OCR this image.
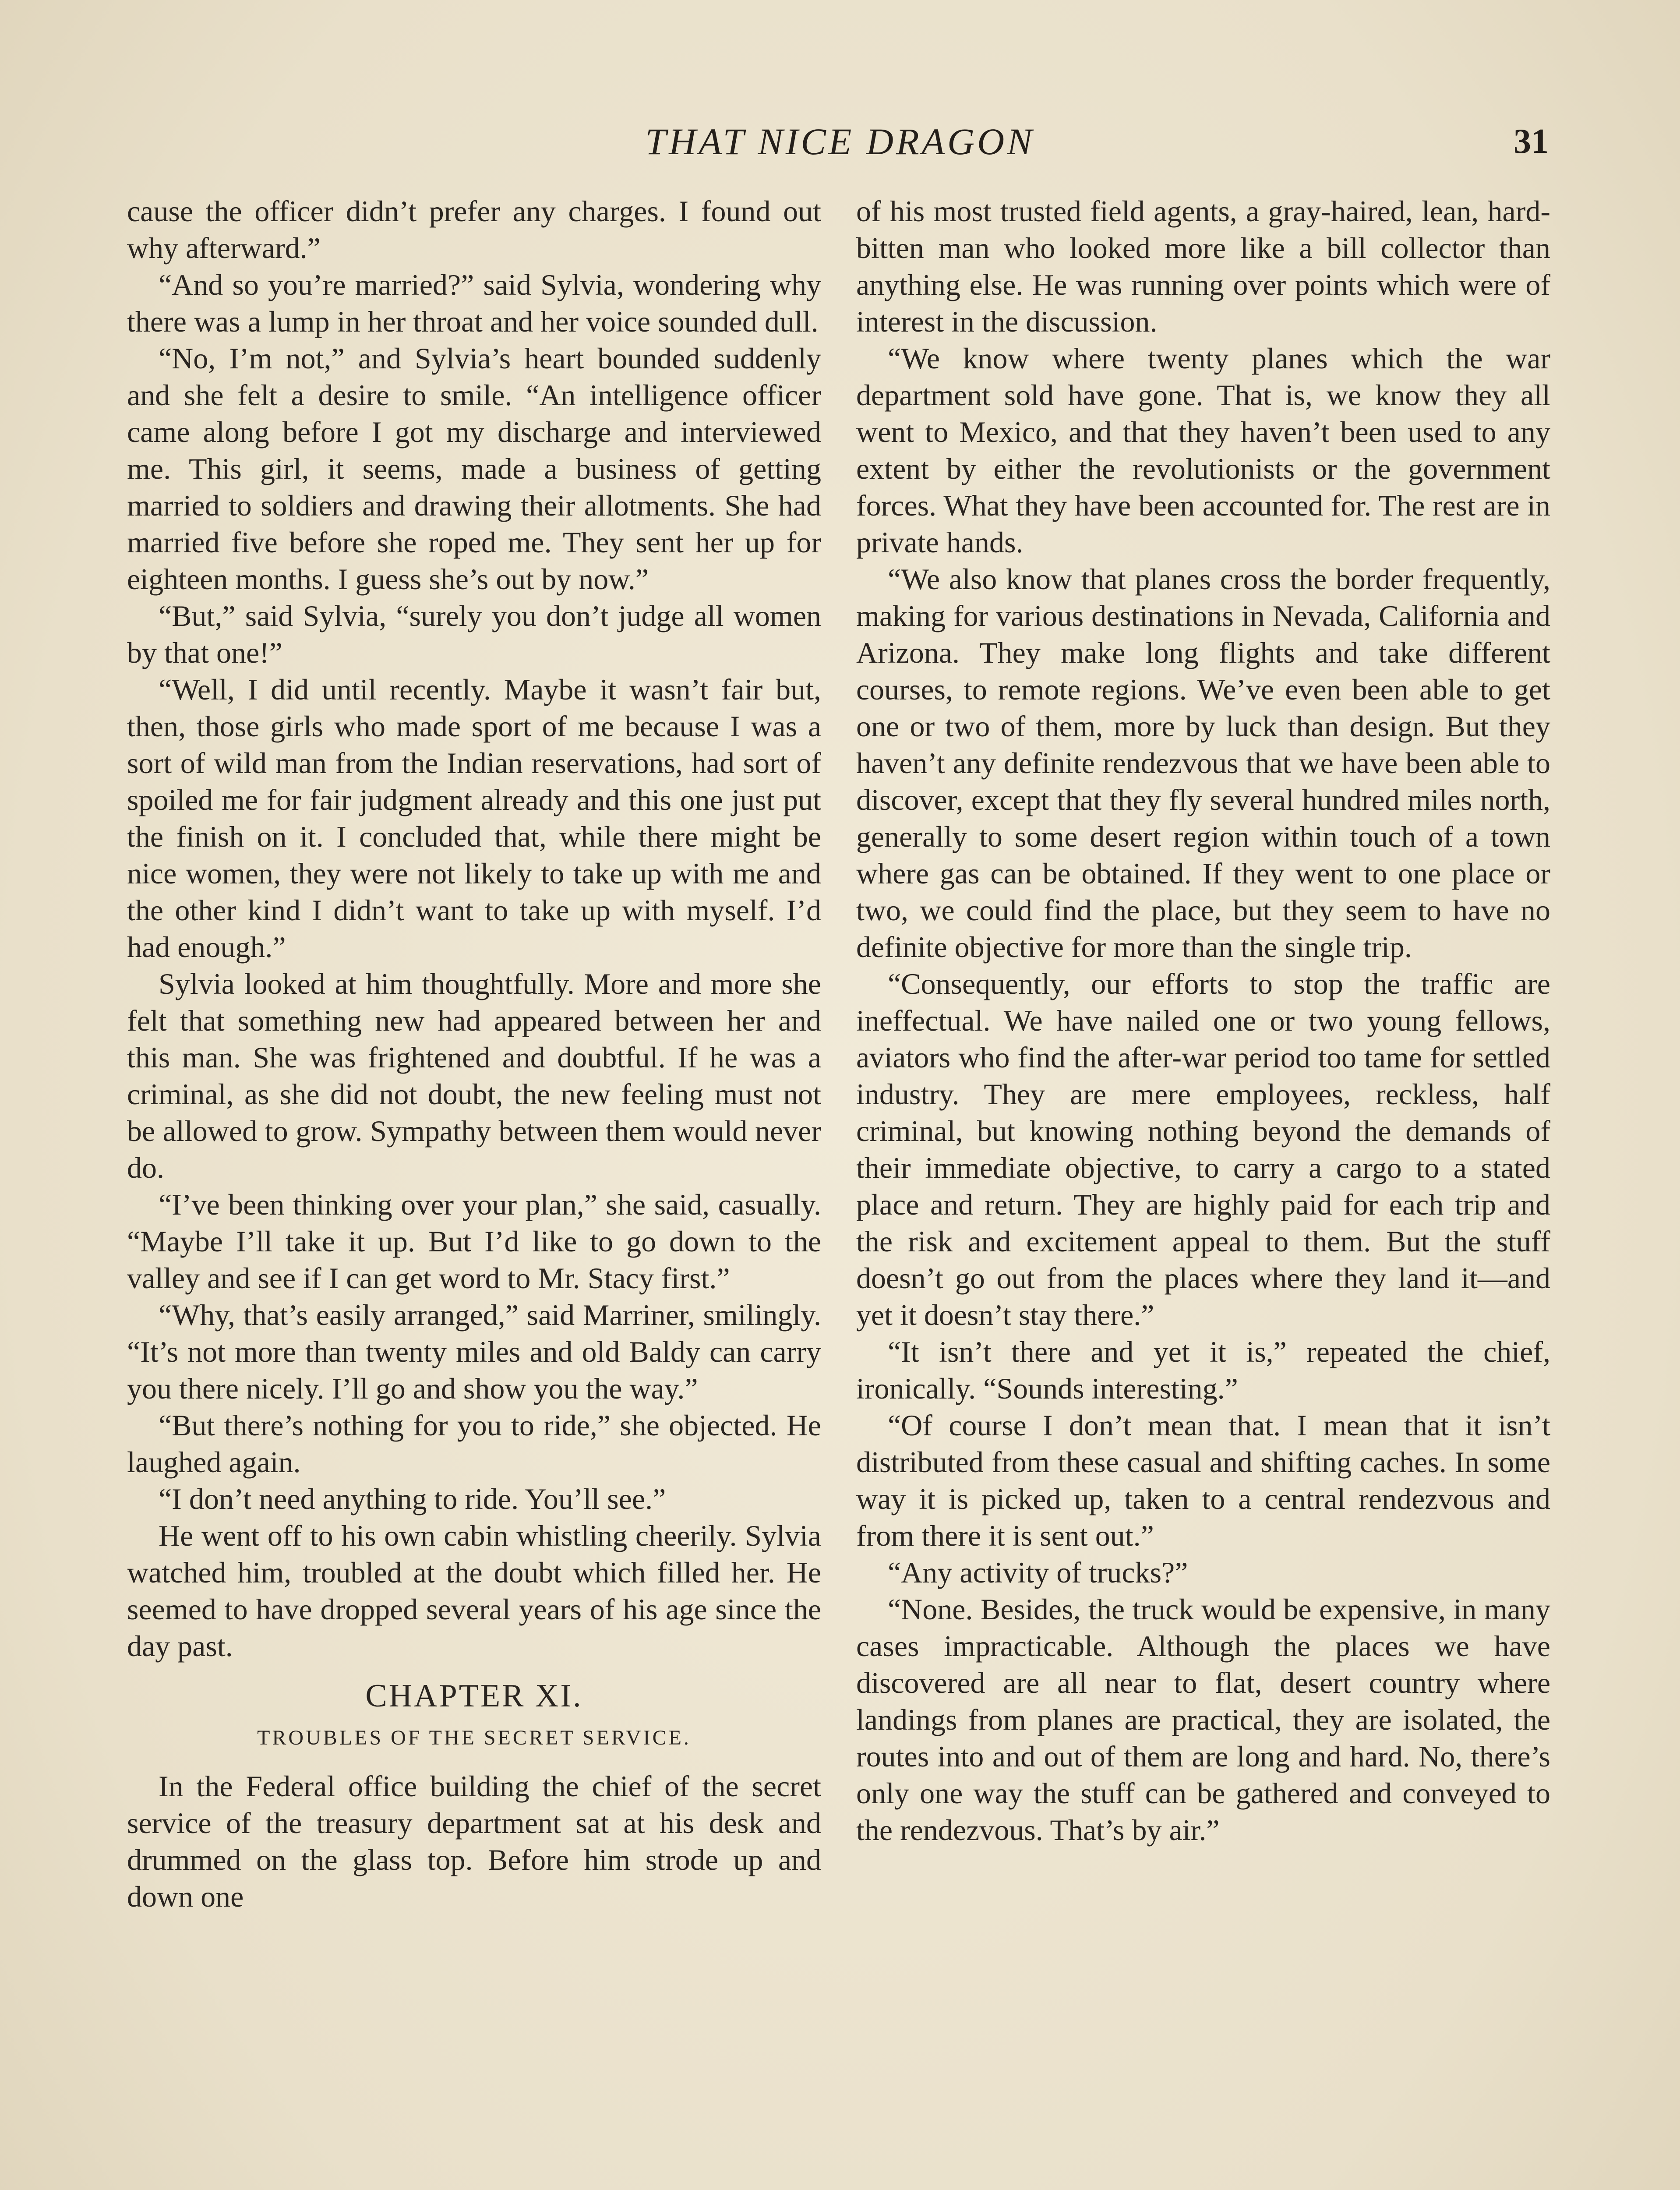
THAT NICE DRAGON	31

cause the officer didn’t prefer any charges. I found out why afterward.”

“And so you’re married?” said Sylvia, wondering why there was a lump in her throat and her voice sounded dull.

“No, I’m not,” and Sylvia’s heart bounded suddenly and she felt a desire to smile. “An intelligence officer came along before I got my discharge and interviewed me. This girl, it seems, made a business of getting married to soldiers and drawing their allotments. She had married five before she roped me. They sent her up for eighteen months. I guess she’s out by now.”

“But,” said Sylvia, “surely you don’t judge all women by that one!”

“Well, I did until recently. Maybe it wasn’t fair but, then, those girls who made sport of me because I was a sort of wild man from the Indian reservations, had sort of spoiled me for fair judgment already and this one just put the finish on it. I concluded that, while there might be nice women, they were not likely to take up with me and the other kind I didn’t want to take up with myself. I’d had enough.”

Sylvia looked at him thoughtfully. More and more she felt that something new had appeared between her and this man. She was frightened and doubtful. If he was a criminal, as she did not doubt, the new feeling must not be allowed to grow. Sympathy between them would never do.

“I’ve been thinking over your plan,” she said, casually. “Maybe I’ll take it up. But I’d like to go down to the valley and see if I can get word to Mr. Stacy first.”

“Why, that’s easily arranged,” said Marriner, smilingly. “It’s not more than twenty miles and old Baldy can carry you there nicely. I’ll go and show you the way.”

“But there’s nothing for you to ride,” she objected. He laughed again.

“I don’t need anything to ride. You’ll see.”

He went off to his own cabin whistling cheerily. Sylvia watched him, troubled at the doubt which filled her. He seemed to have dropped several years of his age since the day past.

CHAPTER XI.
TROUBLES OF THE SECRET SERVICE.

In the Federal office building the chief of the secret service of the treasury department sat at his desk and drummed on the glass top. Before him strode up and down one

of his most trusted field agents, a gray-haired, lean, hard-bitten man who looked more like a bill collector than anything else. He was running over points which were of interest in the discussion.

“We know where twenty planes which the war department sold have gone. That is, we know they all went to Mexico, and that they haven’t been used to any extent by either the revolutionists or the government forces. What they have been accounted for. The rest are in private hands.

“We also know that planes cross the border frequently, making for various destinations in Nevada, California and Arizona. They make long flights and take different courses, to remote regions. We’ve even been able to get one or two of them, more by luck than design. But they haven’t any definite rendezvous that we have been able to discover, except that they fly several hundred miles north, generally to some desert region within touch of a town where gas can be obtained. If they went to one place or two, we could find the place, but they seem to have no definite objective for more than the single trip.

“Consequently, our efforts to stop the traffic are ineffectual. We have nailed one or two young fellows, aviators who find the after-war period too tame for settled industry. They are mere employees, reckless, half criminal, but knowing nothing beyond the demands of their immediate objective, to carry a cargo to a stated place and return. They are highly paid for each trip and the risk and excitement appeal to them. But the stuff doesn’t go out from the places where they land it—and yet it doesn’t stay there.”

“It isn’t there and yet it is,” repeated the chief, ironically. “Sounds interesting.”

“Of course I don’t mean that. I mean that it isn’t distributed from these casual and shifting caches. In some way it is picked up, taken to a central rendezvous and from there it is sent out.”

“Any activity of trucks?”

“None. Besides, the truck would be expensive, in many cases impracticable. Although the places we have discovered are all near to flat, desert country where landings from planes are practical, they are isolated, the routes into and out of them are long and hard. No, there’s only one way the stuff can be gathered and conveyed to the rendezvous. That’s by air.”
